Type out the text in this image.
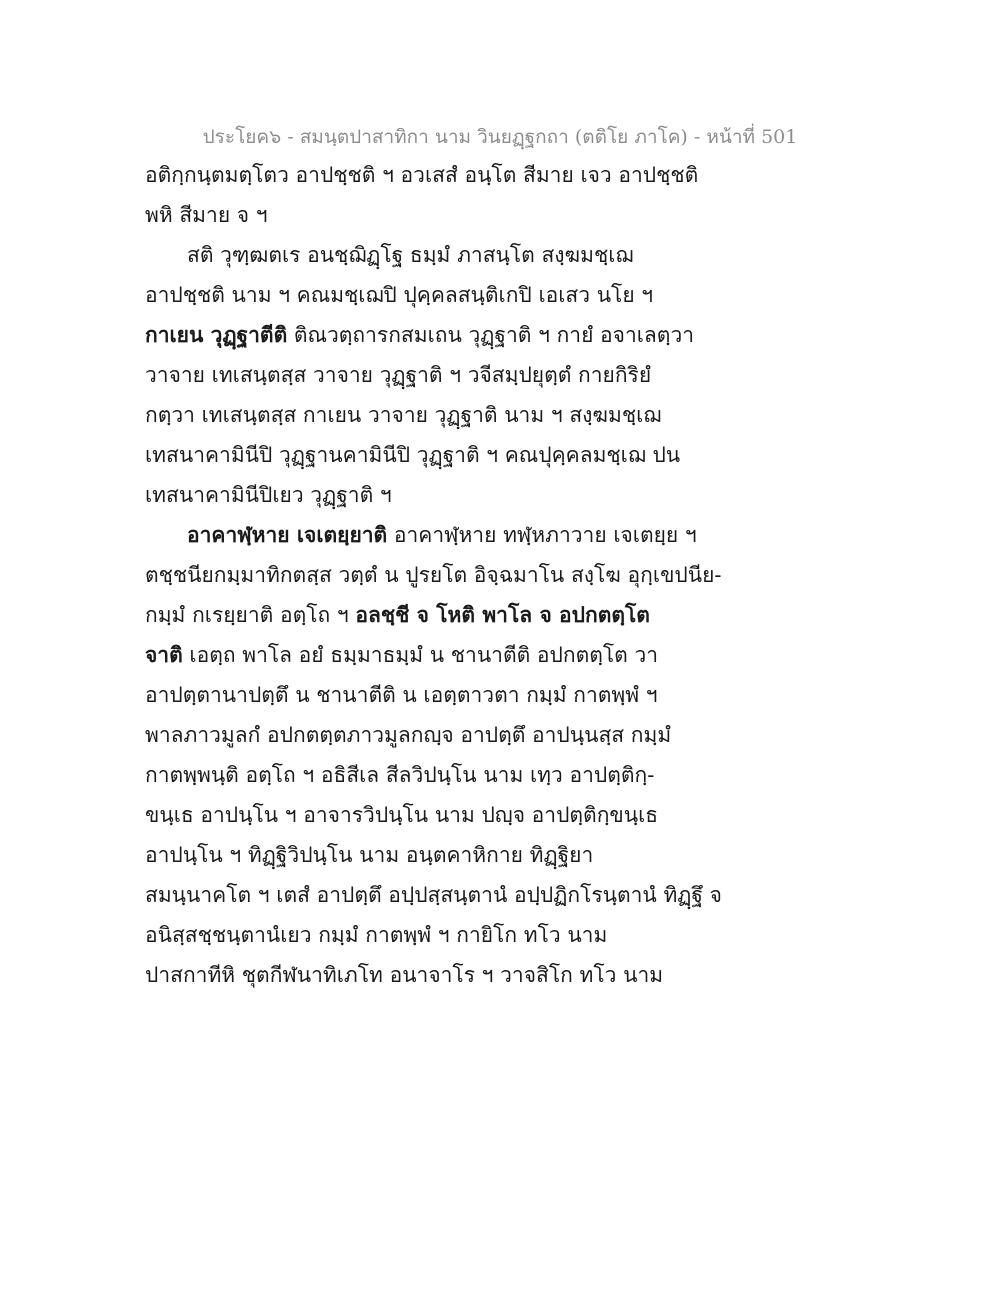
ประโยค๖ - สมนฺตปาสาทิกา นาม วินยฏฺฐกถา (ตติโย ภาโค) - หน้าที่ 501
อติกฺกนฺตมตฺโตว อาปชฺชติ ฯ อวเสสํ อนฺโต สีมาย เจว อาปชฺชติ
พหิ สีมาย จ ฯ
สติ วุฑฺฒตเร อนชฺฌิฏฺโฐ ธมฺมํ ภาสนฺโต สงฺฆมชฺเฌ
อาปชฺชติ นาม ฯ คณมชฺเฌปิ ปุคฺคลสนฺติเกปิ เอเสว นโย ฯ
กาเยน วุฏฺฐาตีติ ติณวตฺถารกสมเถน วุฏฺฐาติ ฯ กายํ อจาเลตฺวา
วาจาย เทเสนฺตสฺส วาจาย วุฏฺฐาติ ฯ วจีสมฺปยุตฺตํ กายกิริยํ
กตฺวา เทเสนฺตสฺส กาเยน วาจาย วุฏฺฐาติ นาม ฯ สงฺฆมชฺเฌ
เทสนาคามินีปิ วุฏฺฐานคามินีปิ วุฏฺฐาติ ฯ คณปุคฺคลมชฺเฌ ปน
เทสนาคามินีปิเยว วุฏฺฐาติ ฯ
อาคาฬฺหาย เจเตยฺยาติ อาคาฬฺหาย ทฬฺหภาวาย เจเตยฺย ฯ
ตชฺชนียกมฺมาทิกตสฺส วตฺตํ น ปูรยโต อิจฺฉมาโน สงฺโฆ อุกฺเขปนีย-
กมฺมํ กเรยฺยาติ อตฺโถ ฯ อลชฺชี จ โหติ พาโล จ อปกตตฺโต
จาติ เอตฺถ พาโล อยํ ธมฺมาธมฺมํ น ชานาตีติ อปกตตฺโต วา
อาปตฺตานาปตฺตึ น ชานาตีติ น เอตฺตาวตา กมฺมํ กาตพฺพํ ฯ
พาลภาวมูลกํ อปกตตฺตภาวมูลกญฺจ อาปตฺตึ อาปนฺนสฺส กมฺมํ
กาตพฺพนฺติ อตฺโถ ฯ อธิสีเล สีลวิปนฺโน นาม เทฺว อาปตฺติกฺ-
ขนฺเธ อาปนฺโน ฯ อาจารวิปนฺโน นาม ปญฺจ อาปตฺติกฺขนฺเธ
อาปนฺโน ฯ ทิฏฺฐิวิปนฺโน นาม อนฺตคาหิกาย ทิฏฺฐิยา
สมนฺนาคโต ฯ เตสํ อาปตฺตึ อปฺปสฺสนฺตานํ อปฺปฏิกโรนฺตานํ ทิฏฺฐึ จ
อนิสฺสชฺชนฺตานํเยว กมฺมํ กาตพฺพํ ฯ กายิโก ทโว นาม
ปาสกาทีหิ ชุตกีฬนาทิเภโท อนาจาโร ฯ วาจสิโก ทโว นาม
